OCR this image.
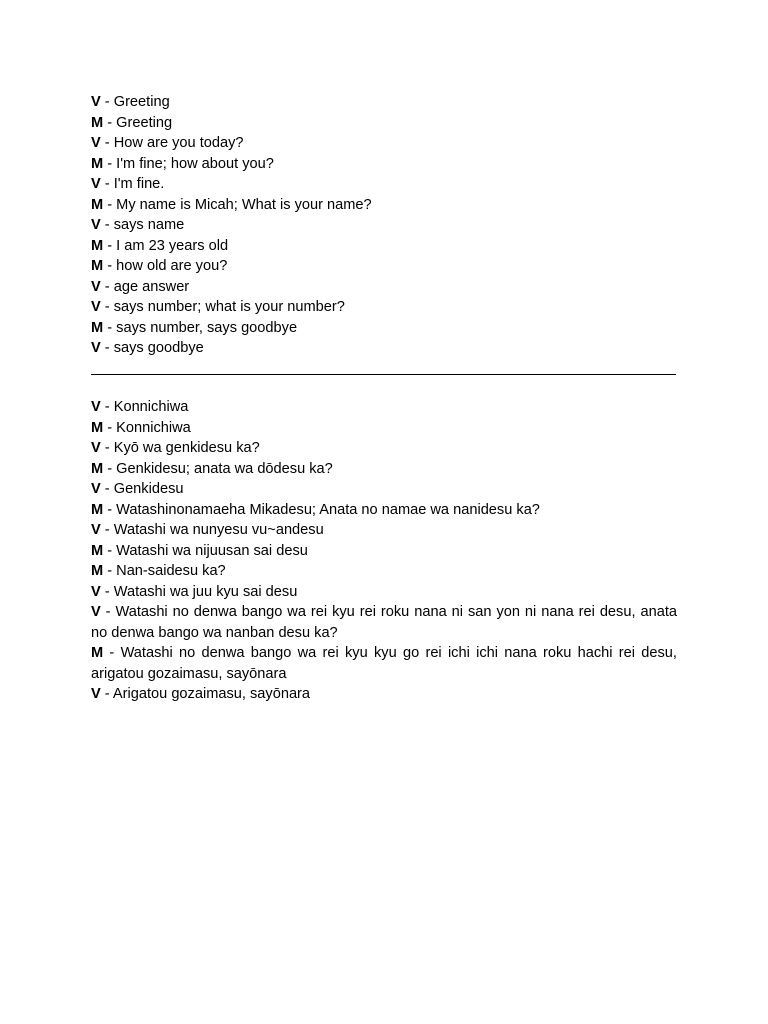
V - Greeting
M - Greeting
V - How are you today?
M - I'm fine; how about you?
V - I'm fine.
M - My name is Micah; What is your name?
V - says name
M - I am 23 years old
M - how old are you?
V - age answer
V - says number; what is your number?
M - says number, says goodbye
V - says goodbye
V - Konnichiwa
M - Konnichiwa
V - Kyō wa genkidesu ka?
M - Genkidesu; anata wa dōdesu ka?
V - Genkidesu
M - Watashinonamaeha Mikadesu; Anata no namae wa nanidesu ka?
V - Watashi wa nunyesu vu~andesu
M - Watashi wa nijuusan sai desu
M - Nan-saidesu ka?
V - Watashi wa juu kyu sai desu
V - Watashi no denwa bango wa rei kyu rei roku nana ni san yon ni nana rei desu, anata no denwa bango wa nanban desu ka?
M - Watashi no denwa bango wa rei kyu kyu go rei ichi ichi nana roku hachi rei desu, arigatou gozaimasu, sayōnara
V - Arigatou gozaimasu, sayōnara
